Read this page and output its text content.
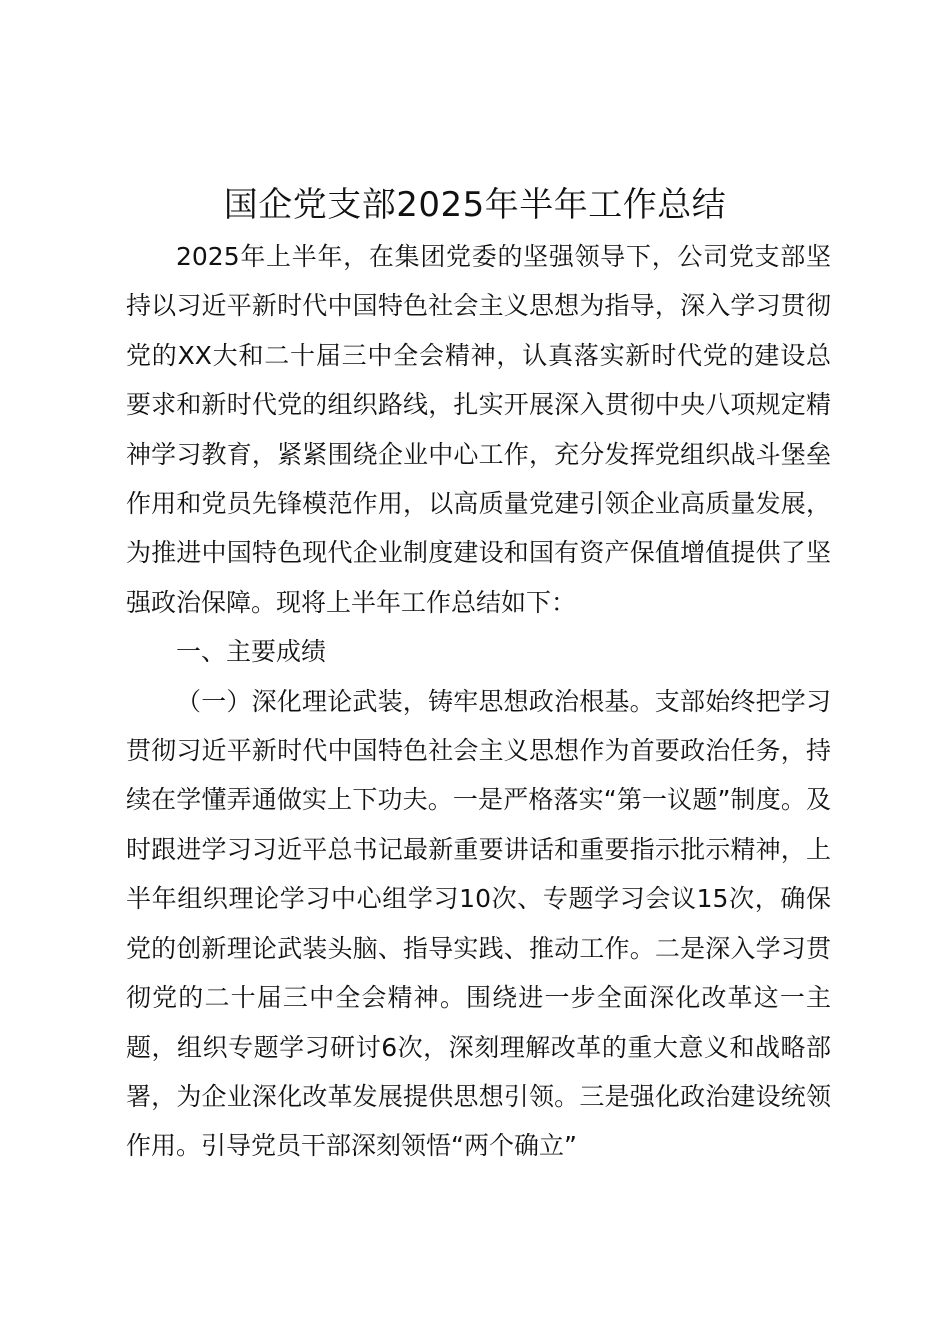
国企党支部2025年半年工作总结

2025年上半年，在集团党委的坚强领导下，公司党支部坚持以习近平新时代中国特色社会主义思想为指导，深入学习贯彻党的XX大和二十届三中全会精神，认真落实新时代党的建设总要求和新时代党的组织路线，扎实开展深入贯彻中央八项规定精神学习教育，紧紧围绕企业中心工作，充分发挥党组织战斗堡垒作用和党员先锋模范作用，以高质量党建引领企业高质量发展，为推进中国特色现代企业制度建设和国有资产保值增值提供了坚强政治保障。现将上半年工作总结如下：

一、主要成绩

（一）深化理论武装，铸牢思想政治根基。支部始终把学习贯彻习近平新时代中国特色社会主义思想作为首要政治任务，持续在学懂弄通做实上下功夫。一是严格落实“第一议题”制度。及时跟进学习习近平总书记最新重要讲话和重要指示批示精神，上半年组织理论学习中心组学习10次、专题学习会议15次，确保党的创新理论武装头脑、指导实践、推动工作。二是深入学习贯彻党的二十届三中全会精神。围绕进一步全面深化改革这一主题，组织专题学习研讨6次，深刻理解改革的重大意义和战略部署，为企业深化改革发展提供思想引领。三是强化政治建设统领作用。引导党员干部深刻领悟“两个确立”
